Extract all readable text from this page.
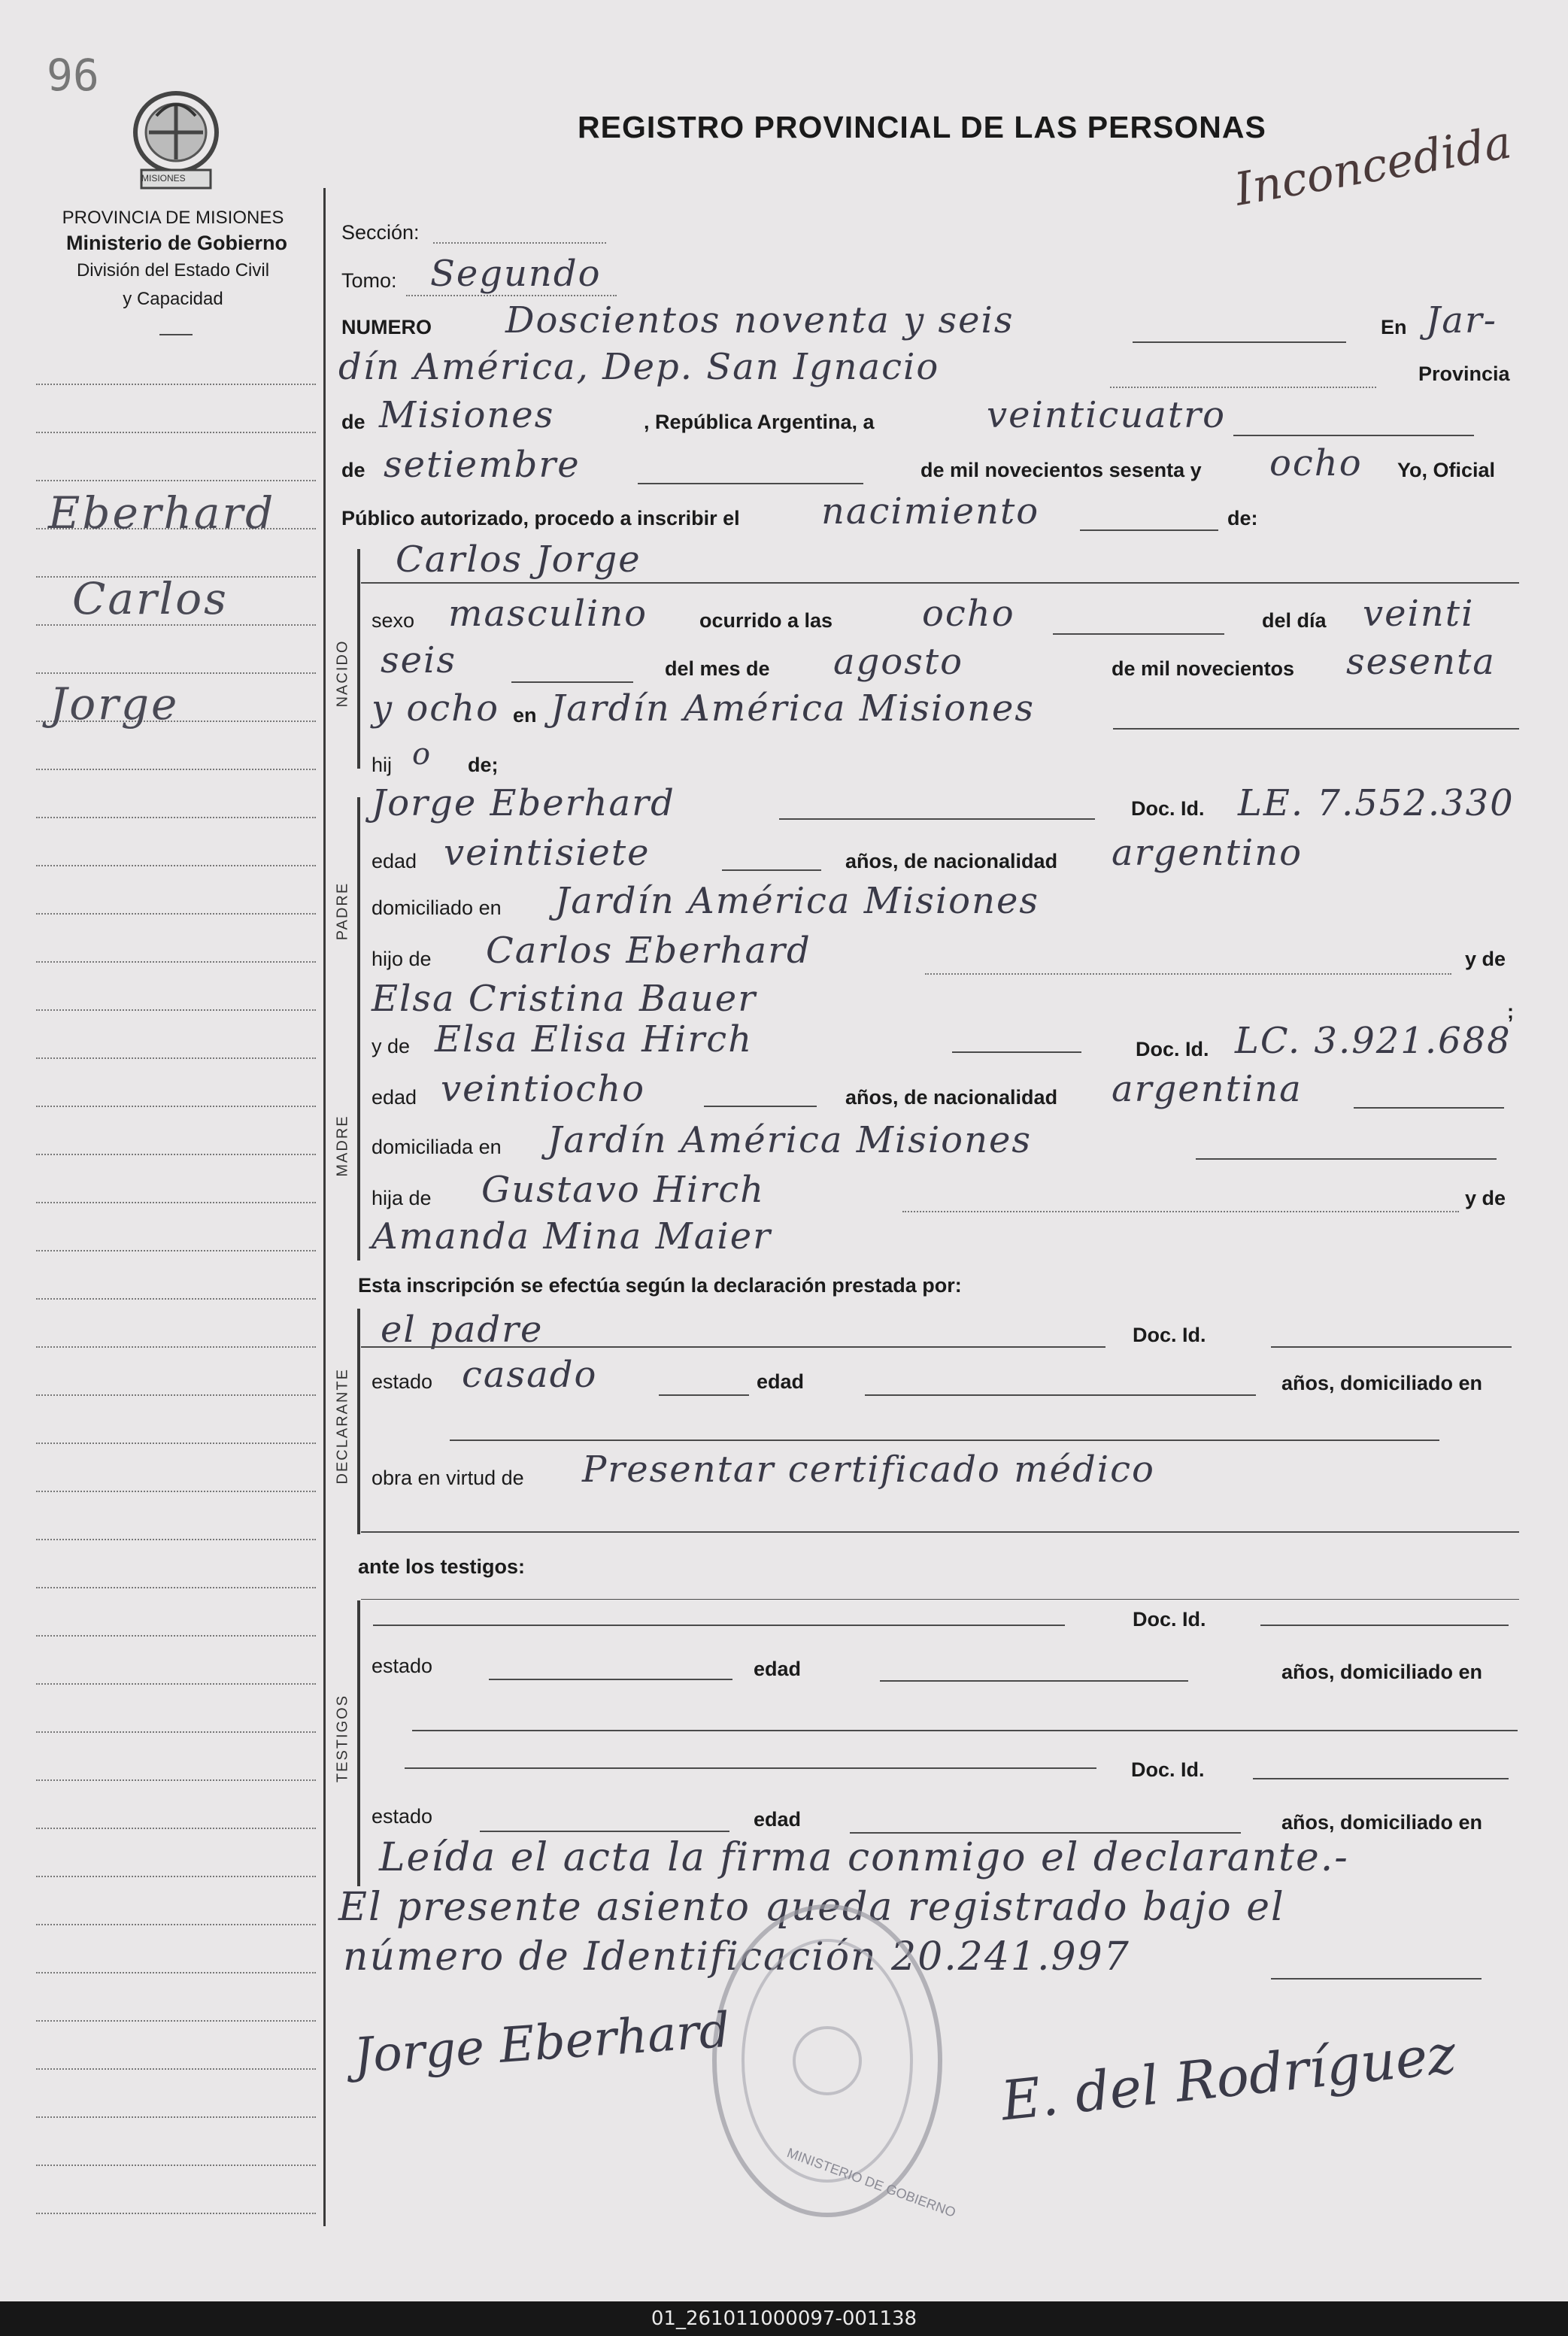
96
MISIONES
PROVINCIA DE MISIONES
Ministerio de Gobierno
División del Estado Civil
y Capacidad
REGISTRO PROVINCIAL DE LAS PERSONAS
Inconcedida
Eberhard
Carlos
Jorge	NACIDO
PADRE
MADRE
DECLARANTE
TESTIGOS
Sección:
Tomo: Segundo
NUMERO Doscientos noventa y seis	En Jar-
dín América, Dep. San Ignacio	Provincia
de Misiones	, República Argentina, a	veinticuatro
de setiembre	de mil novecientos sesenta y ocho Yo, Oficial
Público autorizado, procedo a inscribir el nacimiento	de:
Carlos Jorge
sexo masculino	ocurrido a las ocho	del día veinti
seis	del mes de agosto	de mil novecientos sesenta
y ocho en Jardín América Misiones
hij o de;
Jorge Eberhard	Doc. Id. LE. 7.552.330
edad veintisiete	años, de nacionalidad argentino
domiciliado en Jardín América Misiones
hijo de Carlos Eberhard	y de
Elsa Cristina Bauer	;
y de Elsa Elisa Hirch	Doc. Id. LC. 3.921.688
edad veintiocho	años, de nacionalidad argentina
domiciliada en Jardín América Misiones
hija de Gustavo Hirch	y de
Amanda Mina Maier
Esta inscripción se efectúa según la declaración prestada por:
el padre	Doc. Id.
estado casado	edad	años, domiciliado en
obra en virtud de Presentar certificado médico
ante los testigos:
Doc. Id.
estado	edad	años, domiciliado en
Doc. Id.
estado	edad	años, domiciliado en
Leída el acta la firma conmigo el declarante.-
El presente asiento queda registrado bajo el
número de Identificación 20.241.997
MINISTERIO DE GOBIERNO
Jorge Eberhard	E. del Rodríguez
01_261011000097-001138
